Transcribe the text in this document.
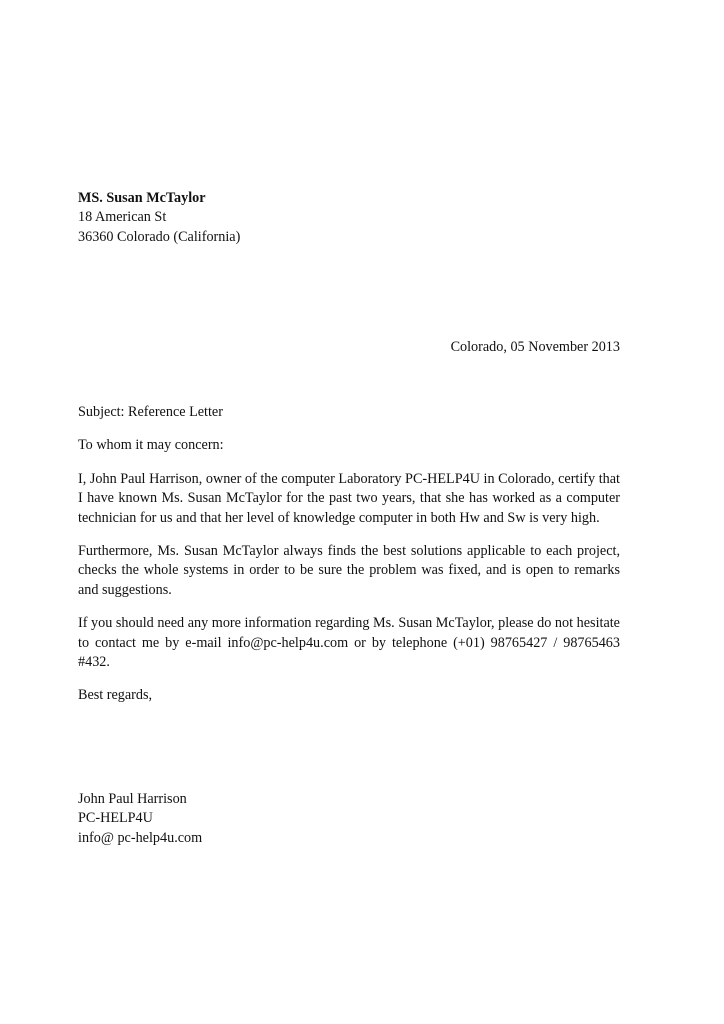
MS. Susan McTaylor
18 American St
36360 Colorado (California)
Colorado, 05 November 2013

Subject: Reference Letter

To whom it may concern:

I, John Paul Harrison, owner of the computer Laboratory PC-HELP4U in Colorado, certify that I have known Ms. Susan McTaylor for the past two years, that she has worked as a computer technician for us and that her level of knowledge computer in both Hw and Sw is very high.

Furthermore, Ms. Susan McTaylor always finds the best solutions applicable to each project, checks the whole systems in order to be sure the problem was fixed, and is open to remarks and suggestions.

If you should need any more information regarding Ms. Susan McTaylor, please do not hesitate to contact me by e-mail info@pc-help4u.com or by telephone (+01) 98765427 / 98765463 #432.

Best regards,

John Paul Harrison
PC-HELP4U
info@ pc-help4u.com
